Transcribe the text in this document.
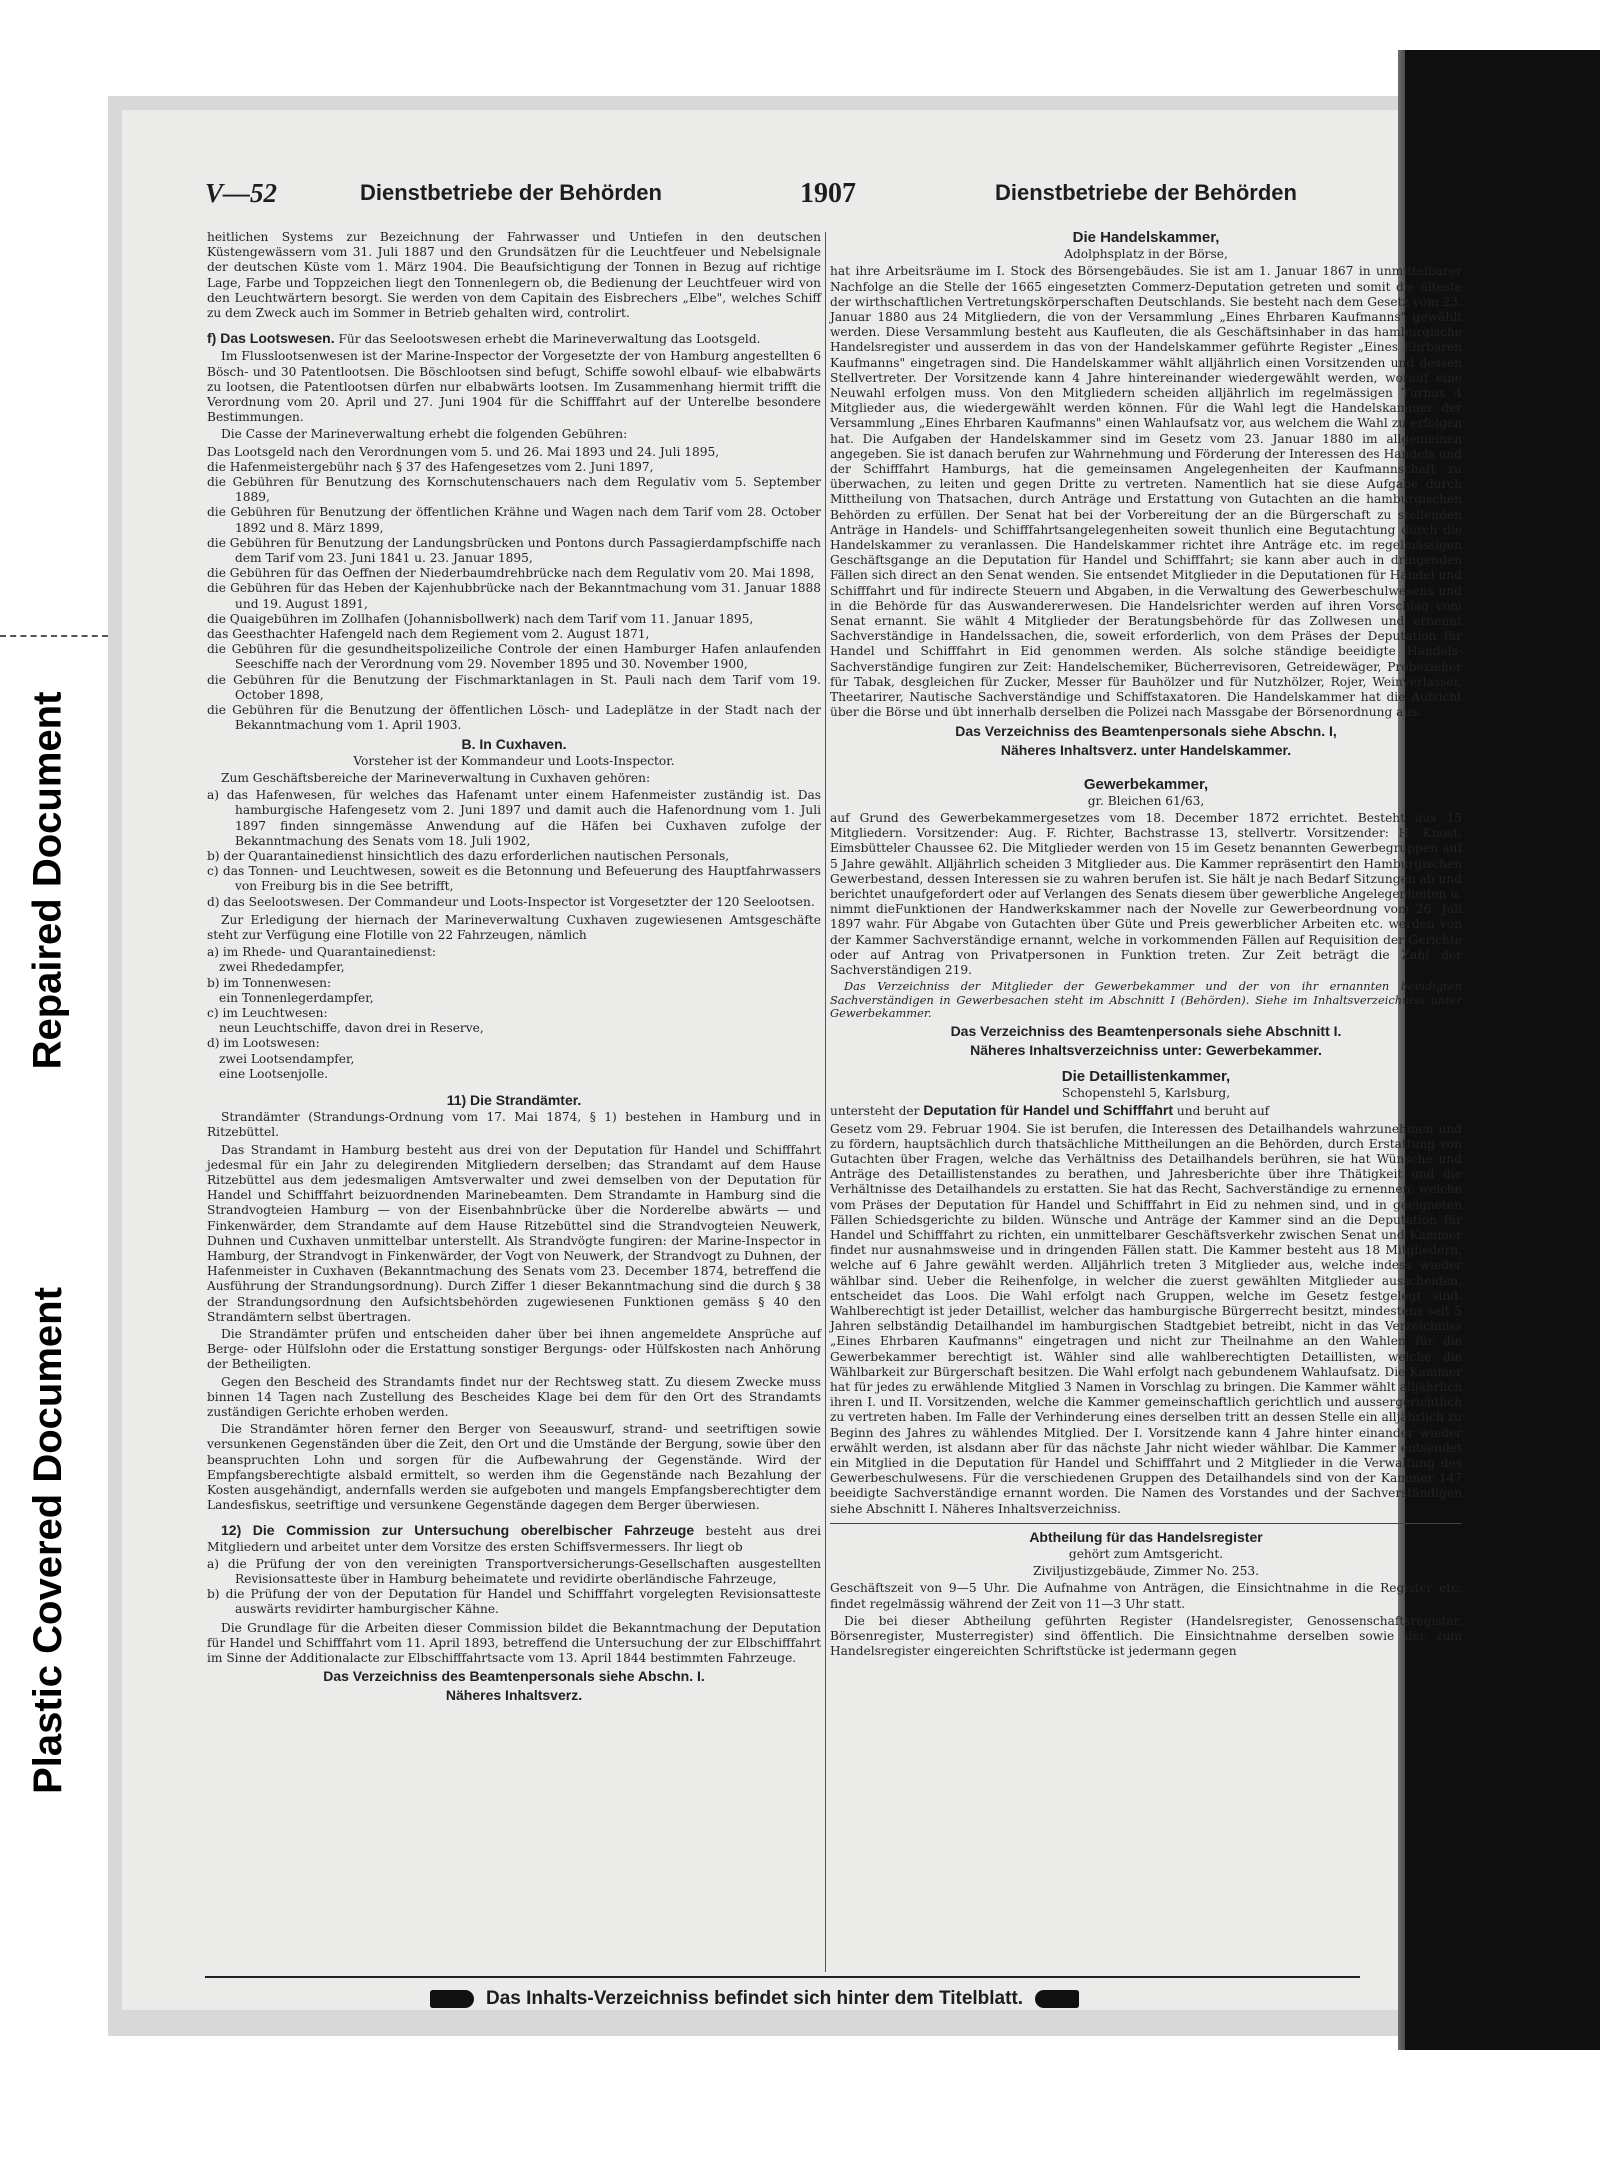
Repaired Document
Plastic Covered Document
V—52	Dienstbetriebe der Behörden	1907	Dienstbetriebe der Behörden

heitlichen Systems zur Bezeichnung der Fahrwasser und Untiefen in den deutschen Küstengewässern vom 31. Juli 1887 und den Grundsätzen für die Leuchtfeuer und Nebelsignale der deutschen Küste vom 1. März 1904. Die Beaufsichtigung der Tonnen in Bezug auf richtige Lage, Farbe und Toppzeichen liegt den Tonnenlegern ob, die Bedienung der Leuchtfeuer wird von den Leuchtwärtern besorgt. Sie werden von dem Capitain des Eisbrechers „Elbe", welches Schiff zu dem Zweck auch im Sommer in Betrieb gehalten wird, controlirt.

f) Das Lootswesen. Für das Seelootswesen erhebt die Marineverwaltung das Lootsgeld.

Im Flusslootsenwesen ist der Marine-Inspector der Vorgesetzte der von Hamburg angestellten 6 Bösch- und 30 Patentlootsen. Die Böschlootsen sind befugt, Schiffe sowohl elbauf- wie elbabwärts zu lootsen, die Patentlootsen dürfen nur elbabwärts lootsen. Im Zusammenhang hiermit trifft die Verordnung vom 20. April und 27. Juni 1904 für die Schifffahrt auf der Unterelbe besondere Bestimmungen.

Die Casse der Marineverwaltung erhebt die folgenden Gebühren:

Das Lootsgeld nach den Verordnungen vom 5. und 26. Mai 1893 und 24. Juli 1895,
die Hafenmeistergebühr nach § 37 des Hafengesetzes vom 2. Juni 1897,
die Gebühren für Benutzung des Kornschutenschauers nach dem Regulativ vom 5. September 1889,
die Gebühren für Benutzung der öffentlichen Krähne und Wagen nach dem Tarif vom 28. October 1892 und 8. März 1899,
die Gebühren für Benutzung der Landungsbrücken und Pontons durch Passagierdampfschiffe nach dem Tarif vom 23. Juni 1841 u. 23. Januar 1895,
die Gebühren für das Oeffnen der Niederbaumdrehbrücke nach dem Regulativ vom 20. Mai 1898,
die Gebühren für das Heben der Kajenhubbrücke nach der Bekanntmachung vom 31. Januar 1888 und 19. August 1891,
die Quaigebühren im Zollhafen (Johannisbollwerk) nach dem Tarif vom 11. Januar 1895,
das Geesthachter Hafengeld nach dem Regiement vom 2. August 1871,
die Gebühren für die gesundheitspolizeiliche Controle der einen Hamburger Hafen anlaufenden Seeschiffe nach der Verordnung vom 29. November 1895 und 30. November 1900,
die Gebühren für die Benutzung der Fischmarktanlagen in St. Pauli nach dem Tarif vom 19. October 1898,
die Gebühren für die Benutzung der öffentlichen Lösch- und Ladeplätze in der Stadt nach der Bekanntmachung vom 1. April 1903.

B. In Cuxhaven.

Vorsteher ist der Kommandeur und Loots-Inspector.

Zum Geschäftsbereiche der Marineverwaltung in Cuxhaven gehören:

a) das Hafenwesen, für welches das Hafenamt unter einem Hafenmeister zuständig ist. Das hamburgische Hafengesetz vom 2. Juni 1897 und damit auch die Hafenordnung vom 1. Juli 1897 finden sinngemässe Anwendung auf die Häfen bei Cuxhaven zufolge der Bekanntmachung des Senats vom 18. Juli 1902,
b) der Quarantainedienst hinsichtlich des dazu erforderlichen nautischen Personals,
c) das Tonnen- und Leuchtwesen, soweit es die Betonnung und Befeuerung des Hauptfahrwassers von Freiburg bis in die See betrifft,
d) das Seelootswesen. Der Commandeur und Loots-Inspector ist Vorgesetzter der 120 Seelootsen.

Zur Erledigung der hiernach der Marineverwaltung Cuxhaven zugewiesenen Amtsgeschäfte steht zur Verfügung eine Flotille von 22 Fahrzeugen, nämlich

a) im Rhede- und Quarantainedienst:
zwei Rhededampfer,
b) im Tonnenwesen:
ein Tonnenlegerdampfer,
c) im Leuchtwesen:
neun Leuchtschiffe, davon drei in Reserve,
d) im Lootswesen:
zwei Lootsendampfer,
eine Lootsenjolle.

11) Die Strandämter.

Strandämter (Strandungs-Ordnung vom 17. Mai 1874, § 1) bestehen in Hamburg und in Ritzebüttel.

Das Strandamt in Hamburg besteht aus drei von der Deputation für Handel und Schifffahrt jedesmal für ein Jahr zu delegirenden Mitgliedern derselben; das Strandamt auf dem Hause Ritzebüttel aus dem jedesmaligen Amtsverwalter und zwei demselben von der Deputation für Handel und Schifffahrt beizuordnenden Marinebeamten. Dem Strandamte in Hamburg sind die Strandvogteien Hamburg — von der Eisenbahnbrücke über die Norderelbe abwärts — und Finkenwärder, dem Strandamte auf dem Hause Ritzebüttel sind die Strandvogteien Neuwerk, Duhnen und Cuxhaven unmittelbar unterstellt. Als Strandvögte fungiren: der Marine-Inspector in Hamburg, der Strandvogt in Finkenwärder, der Vogt von Neuwerk, der Strandvogt zu Duhnen, der Hafenmeister in Cuxhaven (Bekanntmachung des Senats vom 23. December 1874, betreffend die Ausführung der Strandungsordnung). Durch Ziffer 1 dieser Bekanntmachung sind die durch § 38 der Strandungsordnung den Aufsichtsbehörden zugewiesenen Funktionen gemäss § 40 den Strandämtern selbst übertragen.

Die Strandämter prüfen und entscheiden daher über bei ihnen angemeldete Ansprüche auf Berge- oder Hülfslohn oder die Erstattung sonstiger Bergungs- oder Hülfskosten nach Anhörung der Betheiligten.

Gegen den Bescheid des Strandamts findet nur der Rechtsweg statt. Zu diesem Zwecke muss binnen 14 Tagen nach Zustellung des Bescheides Klage bei dem für den Ort des Strandamts zuständigen Gerichte erhoben werden.

Die Strandämter hören ferner den Berger von Seeauswurf, strand- und seetriftigen sowie versunkenen Gegenständen über die Zeit, den Ort und die Umstände der Bergung, sowie über den beanspruchten Lohn und sorgen für die Aufbewahrung der Gegenstände. Wird der Empfangsberechtigte alsbald ermittelt, so werden ihm die Gegenstände nach Bezahlung der Kosten ausgehändigt, andernfalls werden sie aufgeboten und mangels Empfangsberechtigter dem Landesfiskus, seetriftige und versunkene Gegenstände dagegen dem Berger überwiesen.

12) Die Commission zur Untersuchung oberelbischer Fahrzeuge besteht aus drei Mitgliedern und arbeitet unter dem Vorsitze des ersten Schiffsvermessers. Ihr liegt ob

a) die Prüfung der von den vereinigten Transportversicherungs-Gesellschaften ausgestellten Revisionsatteste über in Hamburg beheimatete und revidirte oberländische Fahrzeuge,
b) die Prüfung der von der Deputation für Handel und Schifffahrt vorgelegten Revisionsatteste auswärts revidirter hamburgischer Kähne.

Die Grundlage für die Arbeiten dieser Commission bildet die Bekanntmachung der Deputation für Handel und Schifffahrt vom 11. April 1893, betreffend die Untersuchung der zur Elbschifffahrt im Sinne der Additionalacte zur Elbschifffahrtsacte vom 13. April 1844 bestimmten Fahrzeuge.

Das Verzeichniss des Beamtenpersonals siehe Abschn. I.

Näheres Inhaltsverz.

Die Handelskammer,

Adolphsplatz in der Börse,

hat ihre Arbeitsräume im I. Stock des Börsengebäudes. Sie ist am 1. Januar 1867 in unmittelbarer Nachfolge an die Stelle der 1665 eingesetzten Commerz-Deputation getreten und somit die älteste der wirthschaftlichen Vertretungskörperschaften Deutschlands. Sie besteht nach dem Gesetz vom 23. Januar 1880 aus 24 Mitgliedern, die von der Versammlung „Eines Ehrbaren Kaufmanns" gewählt werden. Diese Versammlung besteht aus Kaufleuten, die als Geschäftsinhaber in das hamburgische Handelsregister und ausserdem in das von der Handelskammer geführte Register „Eines Ehrbaren Kaufmanns" eingetragen sind. Die Handelskammer wählt alljährlich einen Vorsitzenden und dessen Stellvertreter. Der Vorsitzende kann 4 Jahre hintereinander wiedergewählt werden, worauf eine Neuwahl erfolgen muss. Von den Mitgliedern scheiden alljährlich im regelmässigen Turnus 4 Mitglieder aus, die wiedergewählt werden können. Für die Wahl legt die Handelskammer der Versammlung „Eines Ehrbaren Kaufmanns" einen Wahlaufsatz vor, aus welchem die Wahl zu erfolgen hat. Die Aufgaben der Handelskammer sind im Gesetz vom 23. Januar 1880 im allgemeinen angegeben. Sie ist danach berufen zur Wahrnehmung und Förderung der Interessen des Handels und der Schifffahrt Hamburgs, hat die gemeinsamen Angelegenheiten der Kaufmannschaft zu überwachen, zu leiten und gegen Dritte zu vertreten. Namentlich hat sie diese Aufgabe durch Mittheilung von Thatsachen, durch Anträge und Erstattung von Gutachten an die hamburgischen Behörden zu erfüllen. Der Senat hat bei der Vorbereitung der an die Bürgerschaft zu stellenden Anträge in Handels- und Schifffahrtsangelegenheiten soweit thunlich eine Begutachtung durch die Handelskammer zu veranlassen. Die Handelskammer richtet ihre Anträge etc. im regelmässigen Geschäftsgange an die Deputation für Handel und Schifffahrt; sie kann aber auch in dringenden Fällen sich direct an den Senat wenden. Sie entsendet Mitglieder in die Deputationen für Handel und Schifffahrt und für indirecte Steuern und Abgaben, in die Verwaltung des Gewerbeschulwesens und in die Behörde für das Auswandererwesen. Die Handelsrichter werden auf ihren Vorschlag vom Senat ernannt. Sie wählt 4 Mitglieder der Beratungsbehörde für das Zollwesen und ernennt Sachverständige in Handelssachen, die, soweit erforderlich, von dem Präses der Deputation für Handel und Schifffahrt in Eid genommen werden. Als solche ständige beeidigte Handels-Sachverständige fungiren zur Zeit: Handelschemiker, Bücherrevisoren, Getreidewäger, Probezieher für Tabak, desgleichen für Zucker, Messer für Bauhölzer und für Nutzhölzer, Rojer, Weinverlasser, Theetarirer, Nautische Sachverständige und Schiffstaxatoren. Die Handelskammer hat die Aufsicht über die Börse und übt innerhalb derselben die Polizei nach Massgabe der Börsenordnung aus.

Das Verzeichniss des Beamtenpersonals siehe Abschn. I,

Näheres Inhaltsverz. unter Handelskammer.

Gewerbekammer,

gr. Bleichen 61/63,

auf Grund des Gewerbekammergesetzes vom 18. December 1872 errichtet. Besteht aus 15 Mitgliedern. Vorsitzender: Aug. F. Richter, Bachstrasse 13, stellvertr. Vorsitzender: H. Knost, Eimsbütteler Chaussee 62. Die Mitglieder werden von 15 im Gesetz benannten Gewerbegruppen auf 5 Jahre gewählt. Alljährlich scheiden 3 Mitglieder aus. Die Kammer repräsentirt den Hamburgischen Gewerbestand, dessen Interessen sie zu wahren berufen ist. Sie hält je nach Bedarf Sitzungen ab und berichtet unaufgefordert oder auf Verlangen des Senats diesem über gewerbliche Angelegenheiten u. nimmt dieFunktionen der Handwerkskammer nach der Novelle zur Gewerbeordnung vom 26. Juli 1897 wahr. Für Abgabe von Gutachten über Güte und Preis gewerblicher Arbeiten etc. werden von der Kammer Sachverständige ernannt, welche in vorkommenden Fällen auf Requisition der Gerichte oder auf Antrag von Privatpersonen in Funktion treten. Zur Zeit beträgt die Zahl der Sachverständigen 219.

Das Verzeichniss der Mitglieder der Gewerbekammer und der von ihr ernannten beeidigten Sachverständigen in Gewerbesachen steht im Abschnitt I (Behörden). Siehe im Inhaltsverzeichniss unter Gewerbekammer.

Das Verzeichniss des Beamtenpersonals siehe Abschnitt I.

Näheres Inhaltsverzeichniss unter: Gewerbekammer.

Die Detaillistenkammer,

Schopenstehl 5, Karlsburg,

untersteht der Deputation für Handel und Schifffahrt und beruht auf

Gesetz vom 29. Februar 1904. Sie ist berufen, die Interessen des Detailhandels wahrzunehmen und zu fördern, hauptsächlich durch thatsächliche Mittheilungen an die Behörden, durch Erstattung von Gutachten über Fragen, welche das Verhältniss des Detailhandels berühren, sie hat Wünsche und Anträge des Detaillistenstandes zu berathen, und Jahresberichte über ihre Thätigkeit und die Verhältnisse des Detailhandels zu erstatten. Sie hat das Recht, Sachverständige zu ernennen, welche vom Präses der Deputation für Handel und Schifffahrt in Eid zu nehmen sind, und in geeigneten Fällen Schiedsgerichte zu bilden. Wünsche und Anträge der Kammer sind an die Deputation für Handel und Schifffahrt zu richten, ein unmittelbarer Geschäftsverkehr zwischen Senat und Kammer findet nur ausnahmsweise und in dringenden Fällen statt. Die Kammer besteht aus 18 Mitgliedern, welche auf 6 Jahre gewählt werden. Alljährlich treten 3 Mitglieder aus, welche indess wieder wählbar sind. Ueber die Reihenfolge, in welcher die zuerst gewählten Mitglieder ausscheiden, entscheidet das Loos. Die Wahl erfolgt nach Gruppen, welche im Gesetz festgelegt sind. Wahlberechtigt ist jeder Detaillist, welcher das hamburgische Bürgerrecht besitzt, mindestens seit 5 Jahren selbständig Detailhandel im hamburgischen Stadtgebiet betreibt, nicht in das Verzeichniss „Eines Ehrbaren Kaufmanns" eingetragen und nicht zur Theilnahme an den Wahlen für die Gewerbekammer berechtigt ist. Wähler sind alle wahlberechtigten Detaillisten, welche die Wählbarkeit zur Bürgerschaft besitzen. Die Wahl erfolgt nach gebundenem Wahlaufsatz. Die Kammer hat für jedes zu erwählende Mitglied 3 Namen in Vorschlag zu bringen. Die Kammer wählt alljährlich ihren I. und II. Vorsitzenden, welche die Kammer gemeinschaftlich gerichtlich und aussergerichtlich zu vertreten haben. Im Falle der Verhinderung eines derselben tritt an dessen Stelle ein alljährlich zu Beginn des Jahres zu wählendes Mitglied. Der I. Vorsitzende kann 4 Jahre hinter einander wieder erwählt werden, ist alsdann aber für das nächste Jahr nicht wieder wählbar. Die Kammer entsendet ein Mitglied in die Deputation für Handel und Schifffahrt und 2 Mitglieder in die Verwaltung des Gewerbeschulwesens. Für die verschiedenen Gruppen des Detailhandels sind von der Kammer 147 beeidigte Sachverständige ernannt worden. Die Namen des Vorstandes und der Sachverständigen siehe Abschnitt I. Näheres Inhaltsverzeichniss.

Abtheilung für das Handelsregister

gehört zum Amtsgericht.

Ziviljustizgebäude, Zimmer No. 253.

Geschäftszeit von 9—5 Uhr. Die Aufnahme von Anträgen, die Einsichtnahme in die Register etc. findet regelmässig während der Zeit von 11—3 Uhr statt.

Die bei dieser Abtheilung geführten Register (Handelsregister, Genossenschaftsregister, Börsenregister, Musterregister) sind öffentlich. Die Einsichtnahme derselben sowie der zum Handelsregister eingereichten Schriftstücke ist jedermann gegen

Das Inhalts-Verzeichniss befindet sich hinter dem Titelblatt.
